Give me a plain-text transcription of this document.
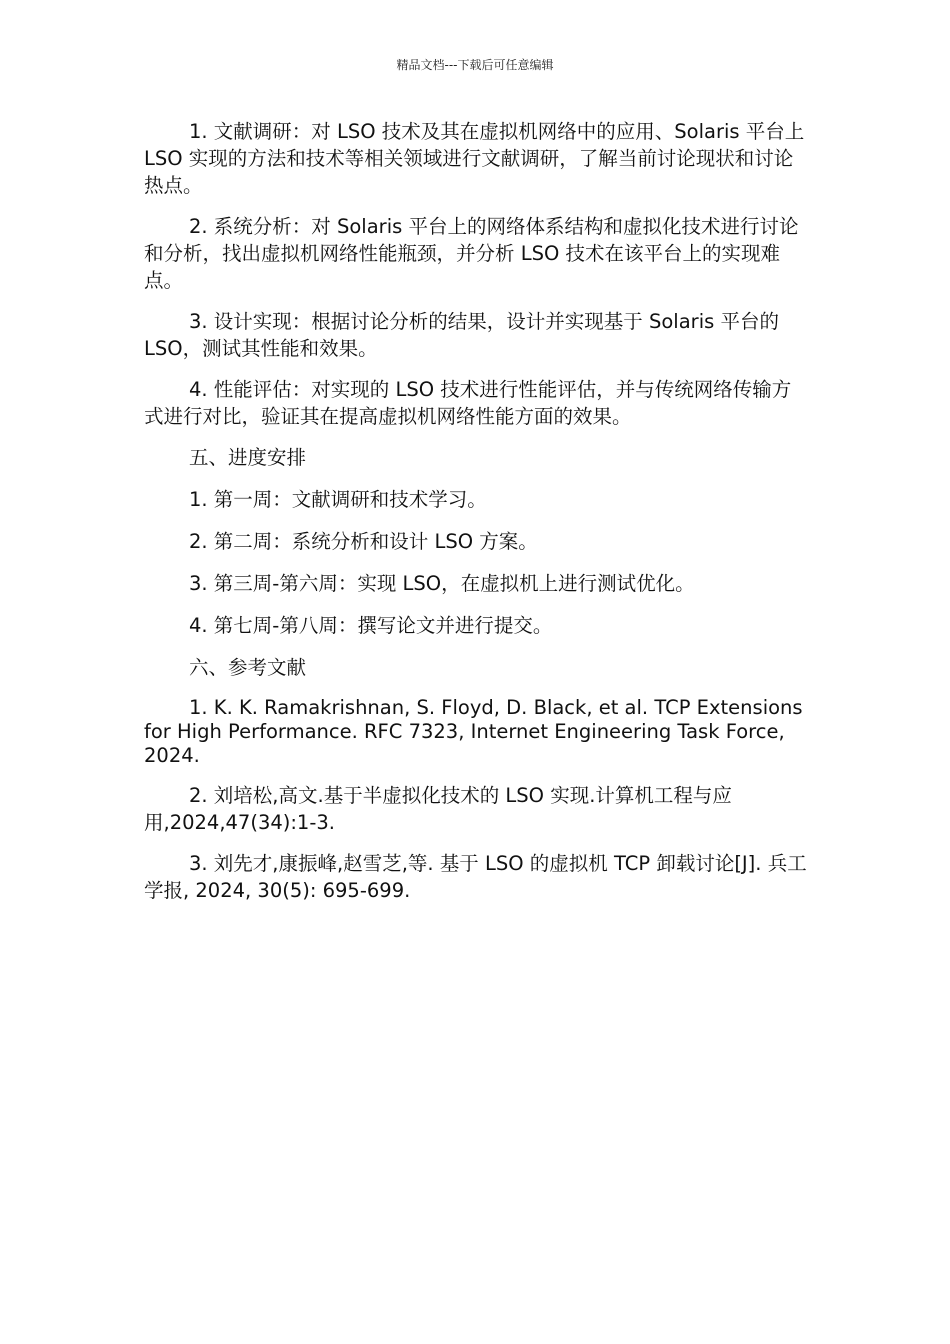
精品文档---下载后可任意编辑

1. 文献调研：对 LSO 技术及其在虚拟机网络中的应用、Solaris 平台上 LSO 实现的方法和技术等相关领域进行文献调研，了解当前讨论现状和讨论热点。

2. 系统分析：对 Solaris 平台上的网络体系结构和虚拟化技术进行讨论和分析，找出虚拟机网络性能瓶颈，并分析 LSO 技术在该平台上的实现难点。

3. 设计实现：根据讨论分析的结果，设计并实现基于 Solaris 平台的 LSO，测试其性能和效果。

4. 性能评估：对实现的 LSO 技术进行性能评估，并与传统网络传输方式进行对比，验证其在提高虚拟机网络性能方面的效果。

五、进度安排

1. 第一周：文献调研和技术学习。

2. 第二周：系统分析和设计 LSO 方案。

3. 第三周-第六周：实现 LSO，在虚拟机上进行测试优化。

4. 第七周-第八周：撰写论文并进行提交。

六、参考文献

1. K. K. Ramakrishnan, S. Floyd, D. Black, et al. TCP Extensions for High Performance. RFC 7323, Internet Engineering Task Force, 2024.

2. 刘培松,高文.基于半虚拟化技术的 LSO 实现.计算机工程与应用,2024,47(34):1-3.

3. 刘先才,康振峰,赵雪芝,等. 基于 LSO 的虚拟机 TCP 卸载讨论[J]. 兵工学报, 2024, 30(5): 695-699.
